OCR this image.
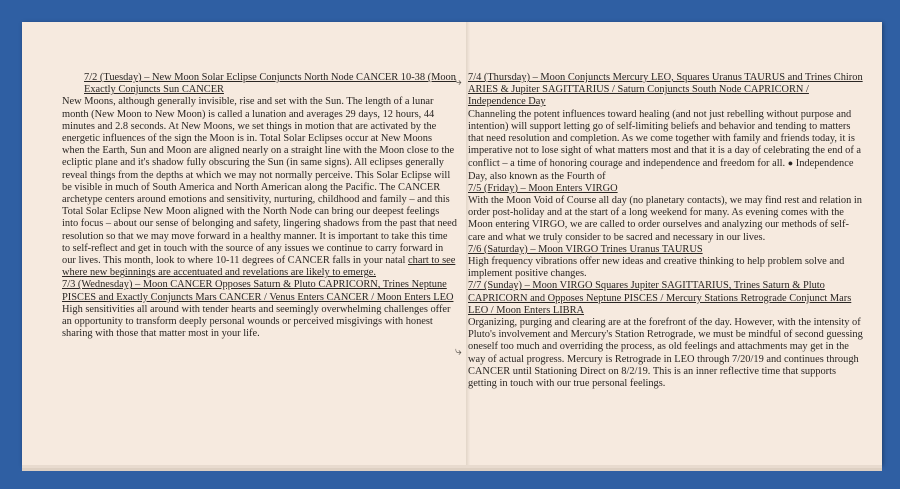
7/2 (Tuesday) – New Moon Solar Eclipse Conjuncts North Node CANCER 10-38 (Moon Exactly Conjuncts Sun CANCER

New Moons, although generally invisible, rise and set with the Sun. The length of a lunar month (New Moon to New Moon) is called a lunation and averages 29 days, 12 hours, 44 minutes and 2.8 seconds. At New Moons, we set things in motion that are activated by the energetic influences of the sign the Moon is in. Total Solar Eclipses occur at New Moons when the Earth, Sun and Moon are aligned nearly on a straight line with the Moon close to the ecliptic plane and it's shadow fully obscuring the Sun (in same signs). All eclipses generally reveal things from the depths at which we may not normally perceive. This Solar Eclipse will be visible in much of South America and North American along the Pacific. The CANCER archetype centers around emotions and sensitivity, nurturing, childhood and family – and this Total Solar Eclipse New Moon aligned with the North Node can bring our deepest feelings into focus – about our sense of belonging and safety, lingering shadows from the past that need resolution so that we may move forward in a healthy manner. It is important to take this time to self-reflect and get in touch with the source of any issues we continue to carry forward in our lives. This month, look to where 10-11 degrees of CANCER falls in your natal chart to see where new beginnings are accentuated and revelations are likely to emerge.

7/3 (Wednesday) – Moon CANCER Opposes Saturn & Pluto CAPRICORN, Trines Neptune PISCES and Exactly Conjuncts Mars CANCER / Venus Enters CANCER / Moon Enters LEO

High sensitivities all around with tender hearts and seemingly overwhelming challenges offer an opportunity to transform deeply personal wounds or perceived misgivings with honest sharing with those that matter most in your life.

7/4 (Thursday) – Moon Conjuncts Mercury LEO, Squares Uranus TAURUS and Trines Chiron ARIES & Jupiter SAGITTARIUS / Saturn Conjuncts South Node CAPRICORN / Independence Day

Channeling the potent influences toward healing (and not just rebelling without purpose and intention) will support letting go of self-limiting beliefs and behavior and tending to matters that need resolution and completion. As we come together with family and friends today, it is imperative not to lose sight of what matters most and that it is a day of celebrating the end of a conflict – a time of honoring courage and independence and freedom for all. ● Independence Day, also known as the Fourth of

7/5 (Friday) – Moon Enters VIRGO

With the Moon Void of Course all day (no planetary contacts), we may find rest and relation in order post-holiday and at the start of a long weekend for many. As evening comes with the Moon entering VIRGO, we are called to order ourselves and analyzing our methods of self-care and what we truly consider to be sacred and necessary in our lives.

7/6 (Saturday) – Moon VIRGO Trines Uranus TAURUS

High frequency vibrations offer new ideas and creative thinking to help problem solve and implement positive changes.

7/7 (Sunday) – Moon VIRGO Squares Jupiter SAGITTARIUS, Trines Saturn & Pluto CAPRICORN and Opposes Neptune PISCES / Mercury Stations Retrograde Conjunct Mars LEO / Moon Enters LIBRA

Organizing, purging and clearing are at the forefront of the day. However, with the intensity of Pluto's involvement and Mercury's Station Retrograde, we must be mindful of second guessing oneself too much and overriding the process, as old feelings and attachments may get in the way of actual progress. Mercury is Retrograde in LEO through 7/20/19 and continues through CANCER until Stationing Direct on 8/2/19. This is an inner reflective time that supports getting in touch with our true personal feelings.

⤷
⤷
